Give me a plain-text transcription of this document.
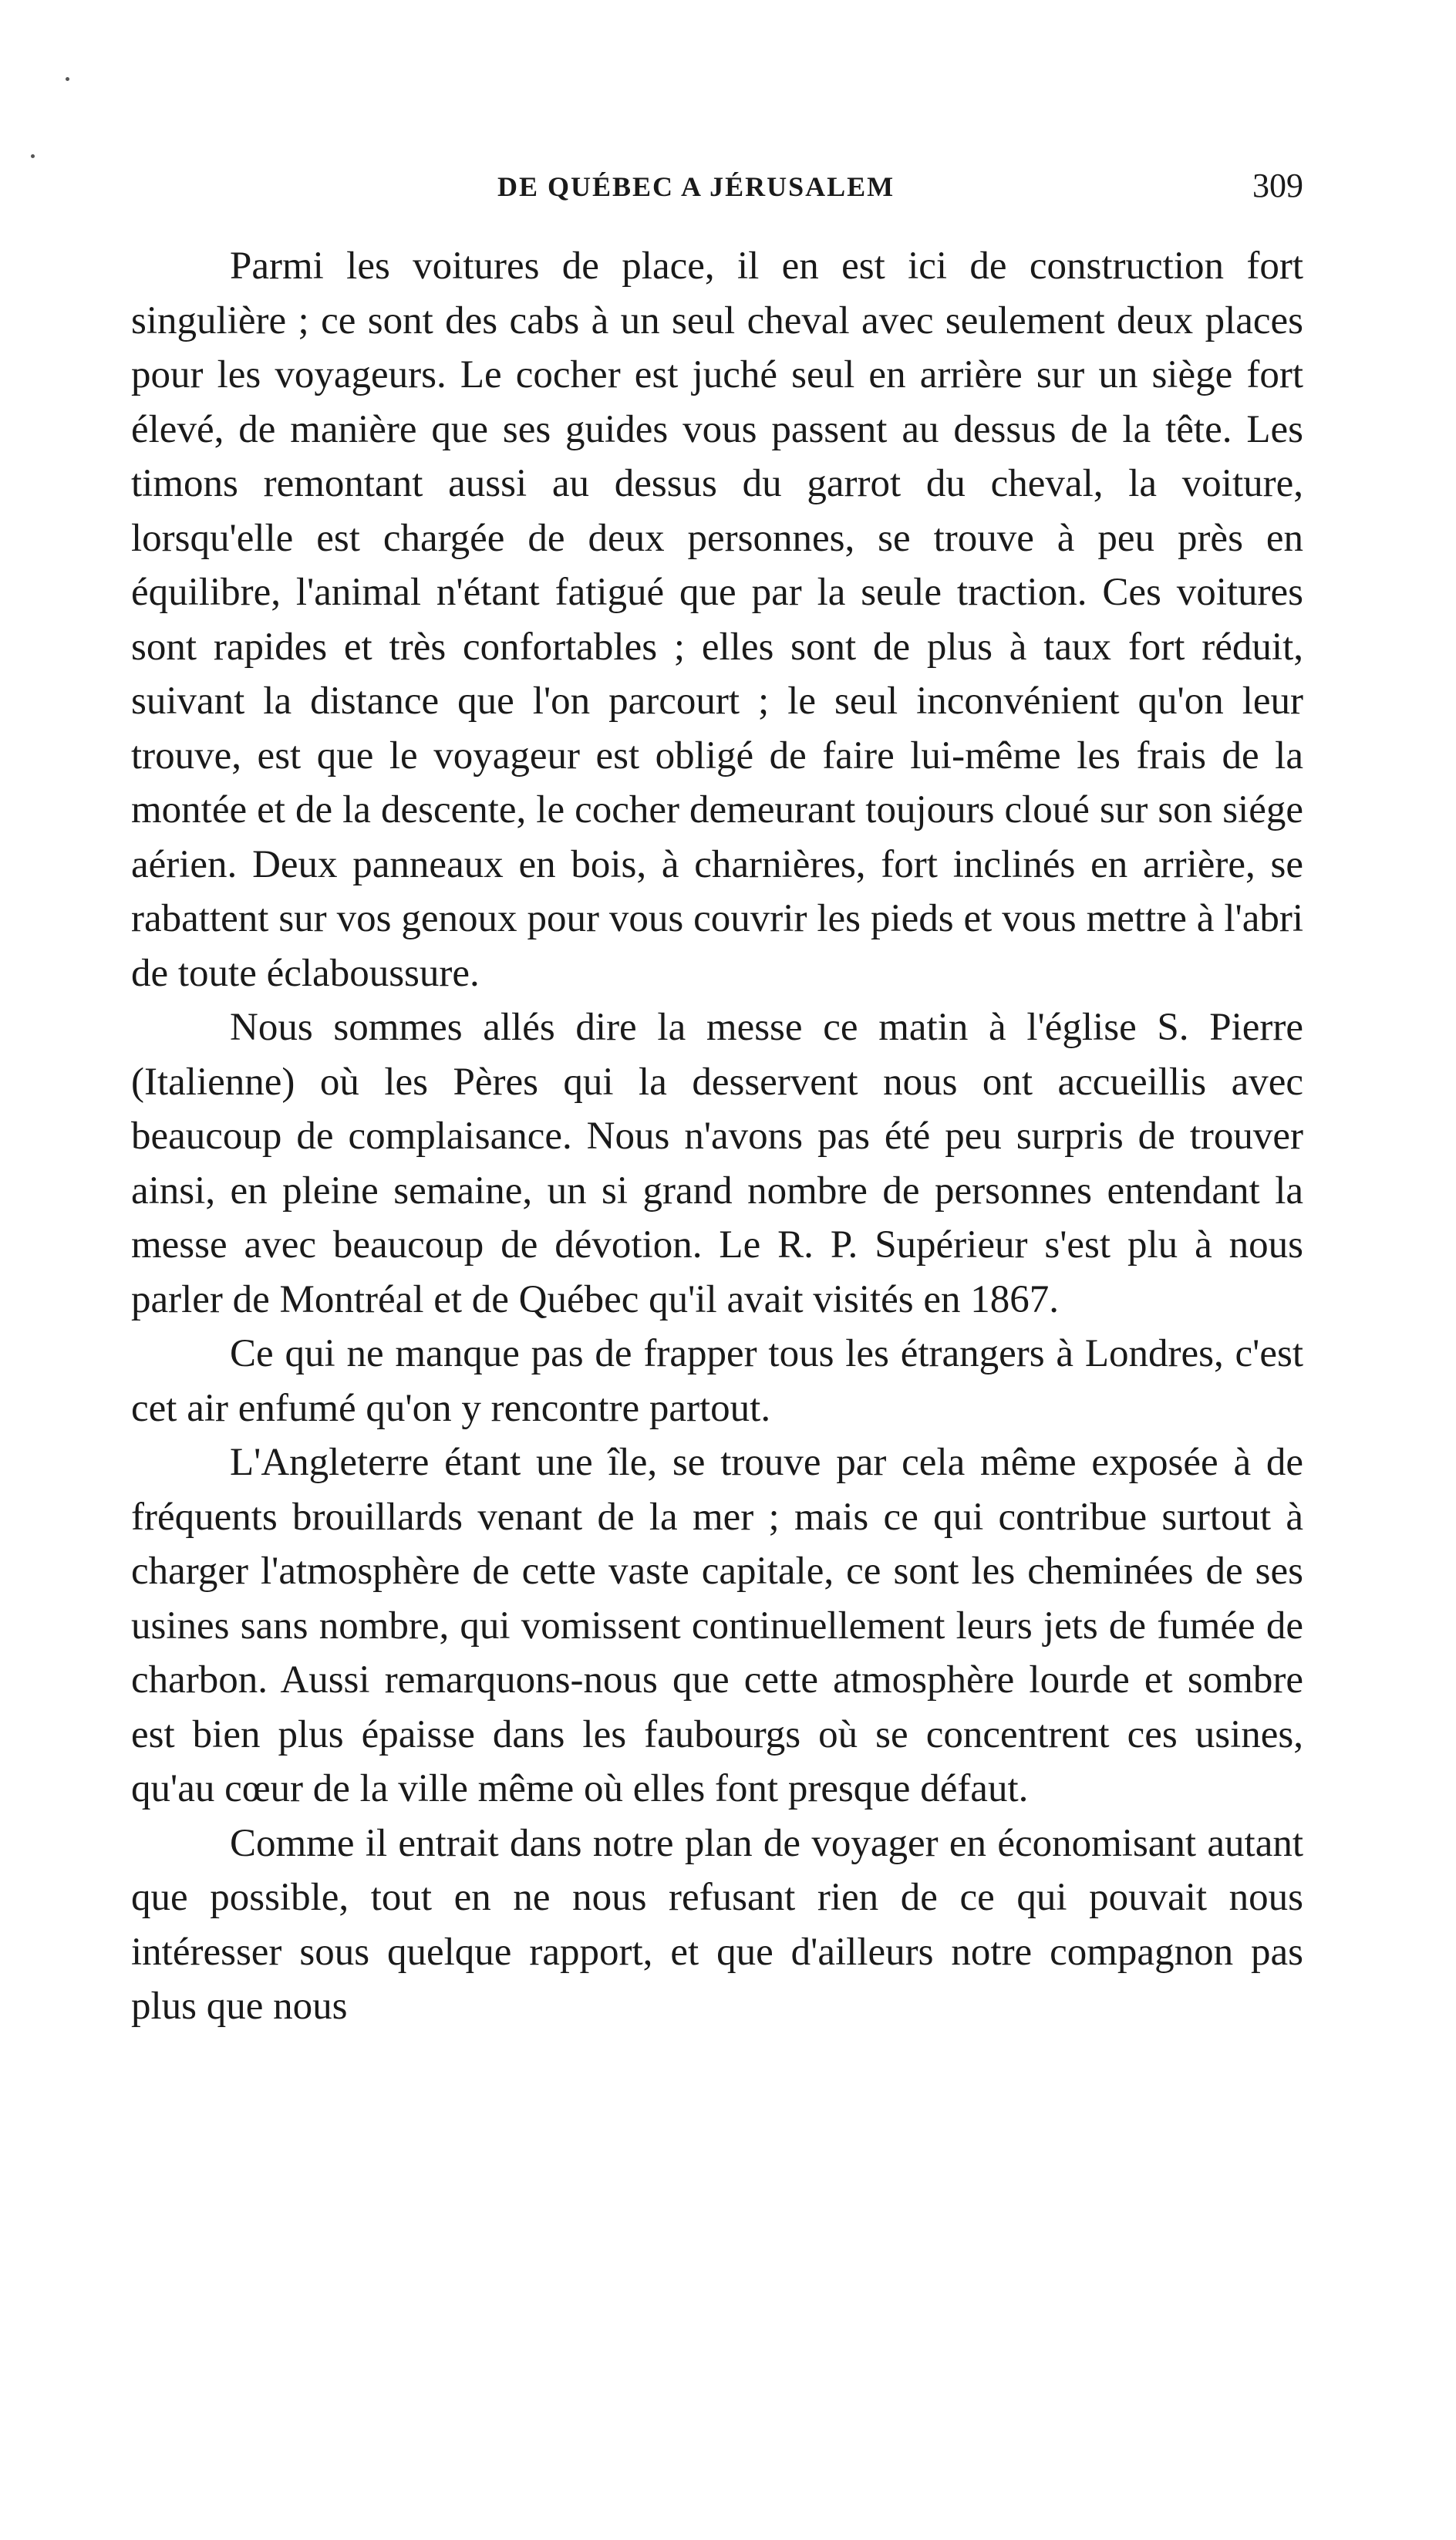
DE QUÉBEC A JÉRUSALEM	309

Parmi les voitures de place, il en est ici de construction fort singulière ; ce sont des cabs à un seul cheval avec seulement deux places pour les voyageurs. Le cocher est juché seul en arrière sur un siège fort élevé, de manière que ses guides vous passent au dessus de la tête. Les timons remontant aussi au dessus du garrot du cheval, la voiture, lorsqu'elle est chargée de deux personnes, se trouve à peu près en équilibre, l'animal n'étant fatigué que par la seule traction. Ces voitures sont rapides et très confortables ; elles sont de plus à taux fort réduit, suivant la distance que l'on parcourt ; le seul inconvénient qu'on leur trouve, est que le voyageur est obligé de faire lui-même les frais de la montée et de la descente, le cocher demeurant toujours cloué sur son siége aérien. Deux panneaux en bois, à charnières, fort inclinés en arrière, se rabattent sur vos genoux pour vous couvrir les pieds et vous mettre à l'abri de toute éclaboussure.

Nous sommes allés dire la messe ce matin à l'église S. Pierre (Italienne) où les Pères qui la desservent nous ont accueillis avec beaucoup de complaisance. Nous n'avons pas été peu surpris de trouver ainsi, en pleine semaine, un si grand nombre de personnes entendant la messe avec beaucoup de dévotion. Le R. P. Supérieur s'est plu à nous parler de Montréal et de Québec qu'il avait visités en 1867.

Ce qui ne manque pas de frapper tous les étrangers à Londres, c'est cet air enfumé qu'on y rencontre partout.

L'Angleterre étant une île, se trouve par cela même exposée à de fréquents brouillards venant de la mer ; mais ce qui contribue surtout à charger l'atmosphère de cette vaste capitale, ce sont les cheminées de ses usines sans nombre, qui vomissent continuellement leurs jets de fumée de charbon. Aussi remarquons-nous que cette atmosphère lourde et sombre est bien plus épaisse dans les faubourgs où se concentrent ces usines, qu'au cœur de la ville même où elles font presque défaut.

Comme il entrait dans notre plan de voyager en économisant autant que possible, tout en ne nous refusant rien de ce qui pouvait nous intéresser sous quelque rapport, et que d'ailleurs notre compagnon pas plus que nous
